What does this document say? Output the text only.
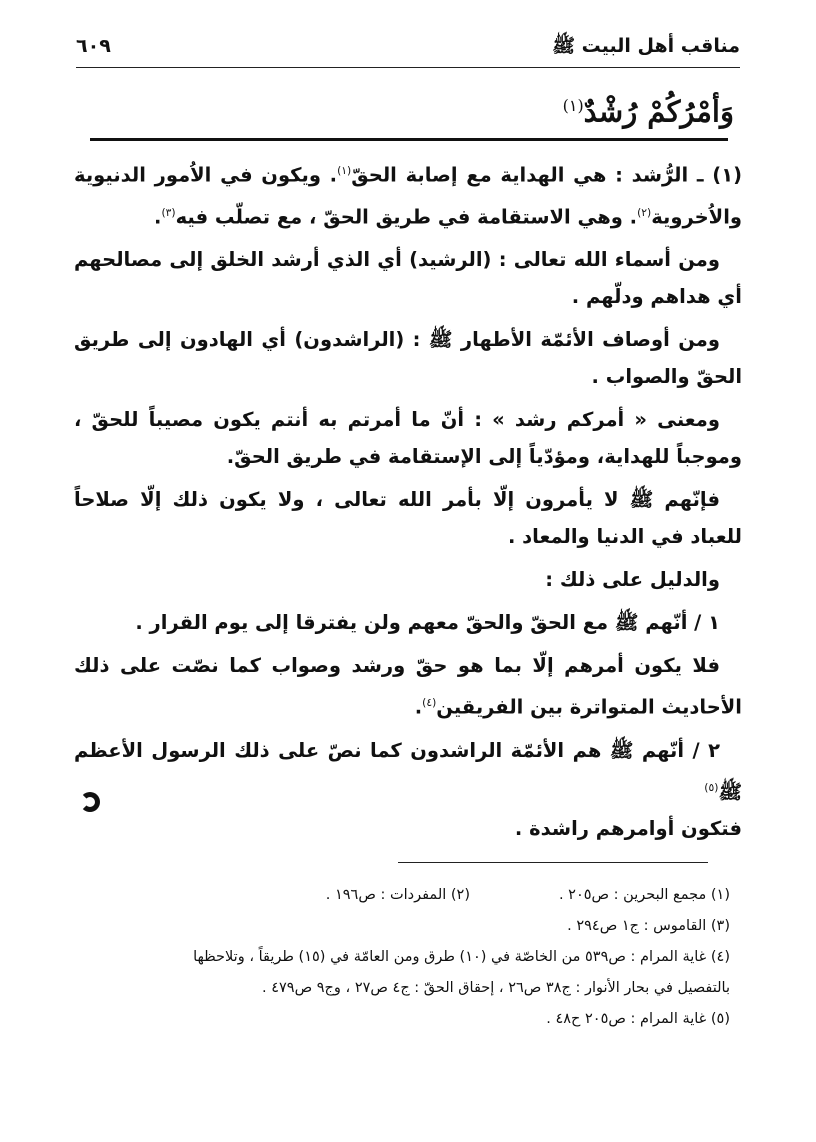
مناقب أهل البيت ﷺ
٦٠٩
وَأمْرُكُمْ رُشْدٌ$^{(١)}$

(١) ـ الرُّشد : هي الهداية مع إصابة الحقّ$^{(١)}$. ويكون في الاُمور الدنيوية والاُخروية$^{(٢)}$. وهي الاستقامة في طريق الحقّ ، مع تصلّب فيه$^{(٣)}$.

ومن أسماء الله تعالى : (الرشيد) أي الذي أرشد الخلق إلى مصالحهم أي هداهم ودلّهم .

ومن أوصاف الأئمّة الأطهار ﷺ : (الراشدون) أي الهادون إلى طريق الحقّ والصواب .

ومعنى « أمركم رشد » : أنّ ما أمرتم به أنتم يكون مصيباً للحقّ ، وموجباً للهداية، ومؤدّياً إلى الإستقامة في طريق الحقّ.

فإنّهم ﷺ لا يأمرون إلّا بأمر الله تعالى ، ولا يكون ذلك إلّا صلاحاً للعباد في الدنيا والمعاد .

والدليل على ذلك :

١ / أنّهم ﷺ مع الحقّ والحقّ معهم ولن يفترقا إلى يوم القرار .

فلا يكون أمرهم إلّا بما هو حقّ ورشد وصواب كما نصّت على ذلك الأحاديث المتواترة بين الفريقين$^{(٤)}$.

٢ / أنّهم ﷺ هم الأئمّة الراشدون كما نصّ على ذلك الرسول الأعظم ﷺ$^{(٥)}$
فتكون أوامرهم راشدة .

(١) مجمع البحرين : ص٢٠٥ .
(٢) المفردات : ص١٩٦ .
(٣) القاموس : ج١ ص٢٩٤ .
(٤) غاية المرام : ص٥٣٩ من الخاصّة في (١٠) طرق ومن العامّة في (١٥) طريقاً ، وتلاحظها
بالتفصيل في بحار الأنوار : ج٣٨ ص٢٦ ، إحقاق الحقّ : ج٤ ص٢٧ ، وج٩ ص٤٧٩ .
(٥) غاية المرام : ص٢٠٥ ح٤٨ .
